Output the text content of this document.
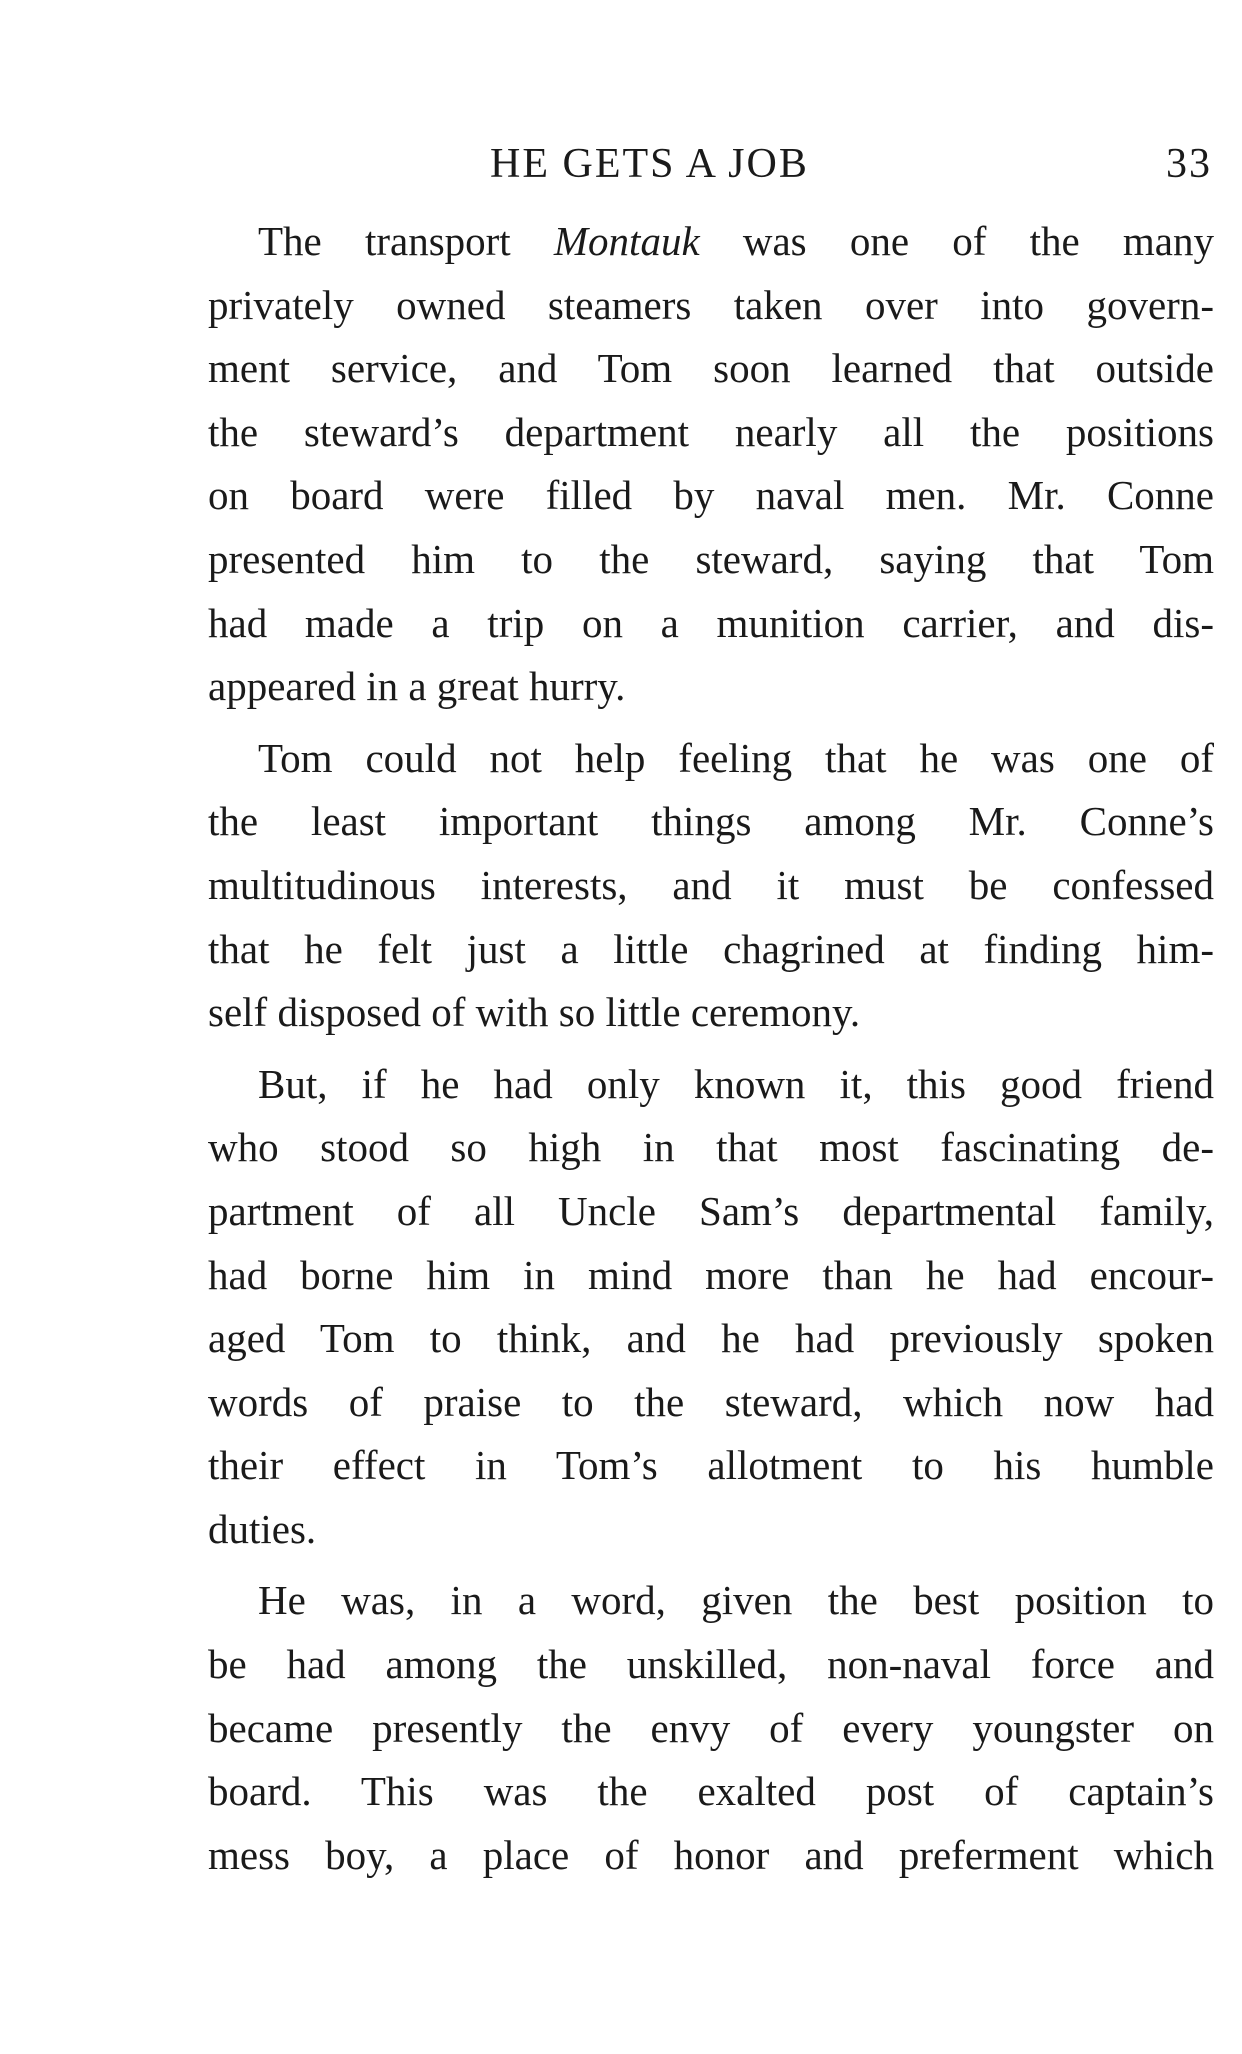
HE GETS A JOB	33
The transport Montauk was one of the many
privately owned steamers taken over into govern-
ment service, and Tom soon learned that outside
the steward’s department nearly all the positions
on board were filled by naval men. Mr. Conne
presented him to the steward, saying that Tom
had made a trip on a munition carrier, and dis-
appeared in a great hurry.
Tom could not help feeling that he was one of
the least important things among Mr. Conne’s
multitudinous interests, and it must be confessed
that he felt just a little chagrined at finding him-
self disposed of with so little ceremony.
But, if he had only known it, this good friend
who stood so high in that most fascinating de-
partment of all Uncle Sam’s departmental family,
had borne him in mind more than he had encour-
aged Tom to think, and he had previously spoken
words of praise to the steward, which now had
their effect in Tom’s allotment to his humble
duties.
He was, in a word, given the best position to
be had among the unskilled, non-naval force and
became presently the envy of every youngster on
board. This was the exalted post of captain’s
mess boy, a place of honor and preferment which
